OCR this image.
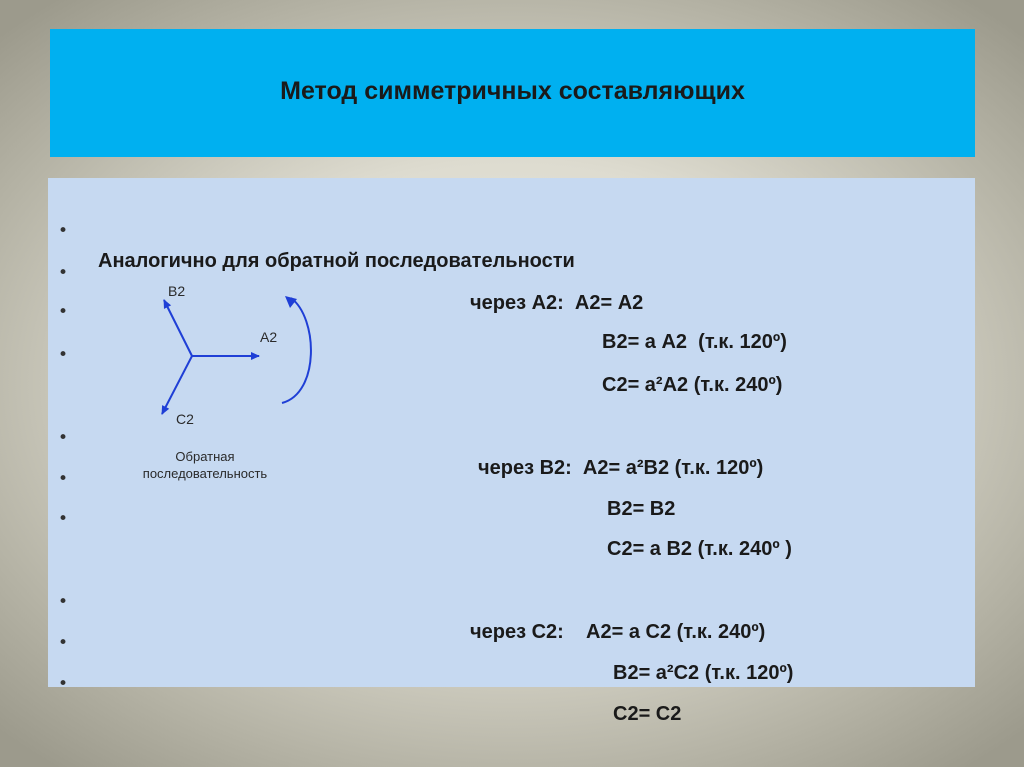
Метод симметричных составляющих

•

Аналогично для обратной последовательности

•

через А2:  А2= А2

•

В2= а А2  (т.к. 120º)

•

С2= а²А2 (т.к. 240º)

•

через В2:  А2= а²В2 (т.к. 120º)

•

В2= В2

•

С2= а В2 (т.к. 240º )

•

через С2:    А2= а С2 (т.к. 240º)

•

В2= а²С2 (т.к. 120º)

•

С2= С2

В2
А2
С2
Обратная
последовательность
